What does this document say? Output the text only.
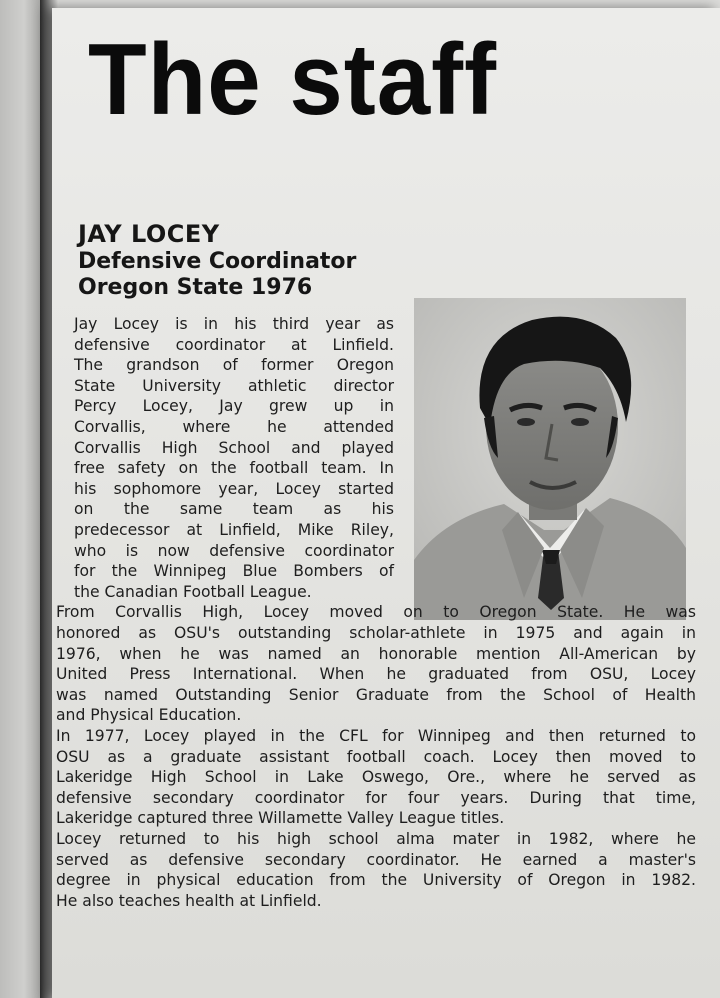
The staff
JAY LOCEY
Defensive Coordinator
Oregon State 1976
Jay Locey is in his third year as
defensive coordinator at Linfield.
The grandson of former Oregon
State University athletic director
Percy Locey, Jay grew up in
Corvallis, where he attended
Corvallis High School and played
free safety on the football team. In
his sophomore year, Locey started
on the same team as his
predecessor at Linfield, Mike Riley,
who is now defensive coordinator
for the Winnipeg Blue Bombers of
the Canadian Football League.
From Corvallis High, Locey moved on to Oregon State. He was
honored as OSU's outstanding scholar-athlete in 1975 and again in
1976, when he was named an honorable mention All-American by
United Press International. When he graduated from OSU, Locey
was named Outstanding Senior Graduate from the School of Health
and Physical Education.
In 1977, Locey played in the CFL for Winnipeg and then returned to
OSU as a graduate assistant football coach. Locey then moved to
Lakeridge High School in Lake Oswego, Ore., where he served as
defensive secondary coordinator for four years. During that time,
Lakeridge captured three Willamette Valley League titles.
Locey returned to his high school alma mater in 1982, where he
served as defensive secondary coordinator. He earned a master's
degree in physical education from the University of Oregon in 1982.
He also teaches health at Linfield.
